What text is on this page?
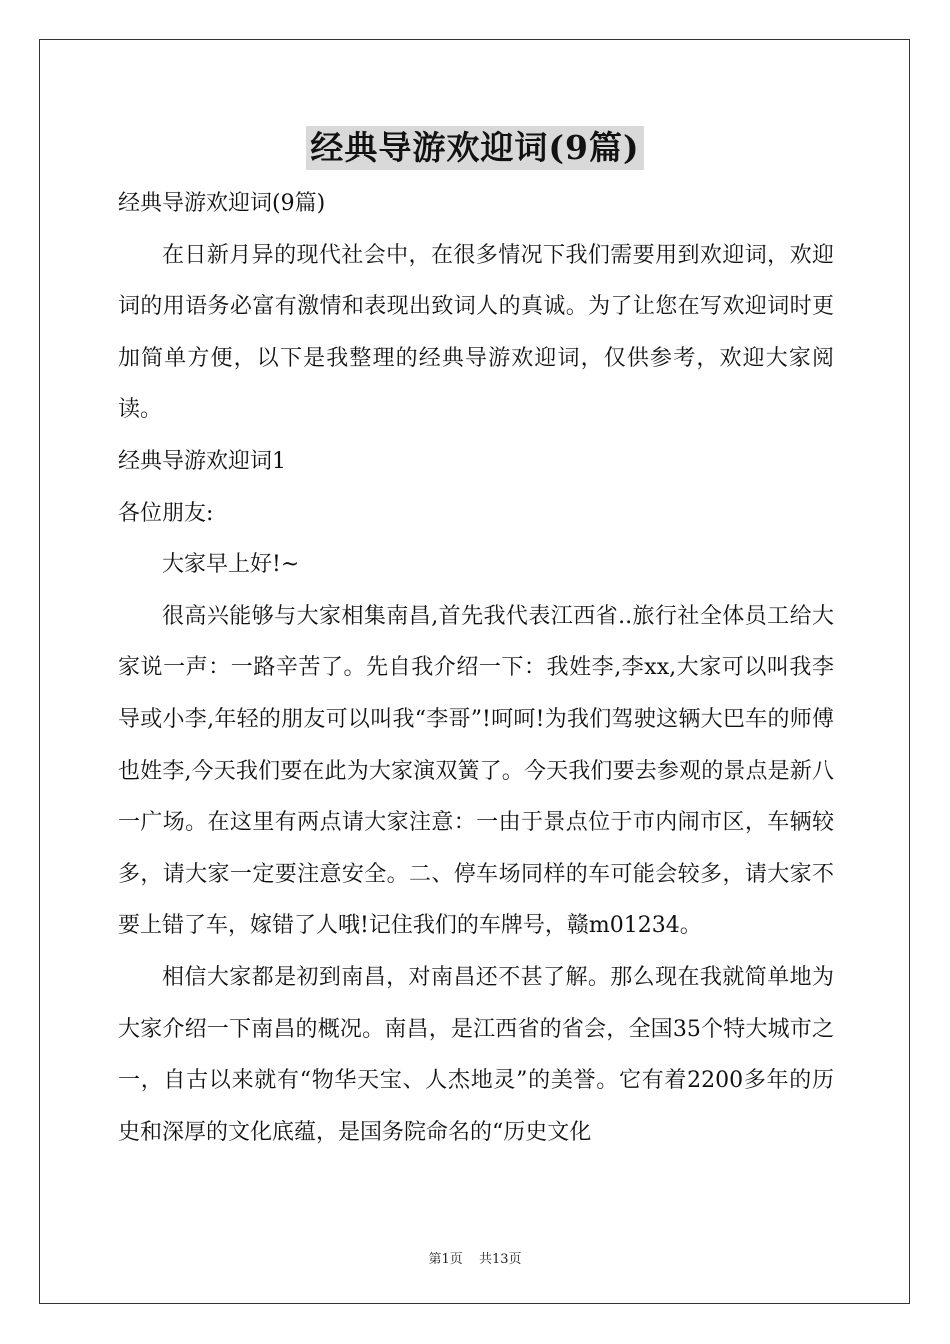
经典导游欢迎词(9篇)

经典导游欢迎词(9篇)

在日新月异的现代社会中，在很多情况下我们需要用到欢迎词，欢迎词的用语务必富有激情和表现出致词人的真诚。为了让您在写欢迎词时更加简单方便，以下是我整理的经典导游欢迎词，仅供参考，欢迎大家阅读。

经典导游欢迎词1

各位朋友:

大家早上好!~

很高兴能够与大家相集南昌,首先我代表江西省..旅行社全体员工给大家说一声：一路辛苦了。先自我介绍一下：我姓李,李xx,大家可以叫我李导或小李,年轻的朋友可以叫我“李哥”!呵呵!为我们驾驶这辆大巴车的师傅也姓李,今天我们要在此为大家演双簧了。今天我们要去参观的景点是新八一广场。在这里有两点请大家注意：一由于景点位于市内闹市区，车辆较多，请大家一定要注意安全。二、停车场同样的车可能会较多，请大家不要上错了车，嫁错了人哦!记住我们的车牌号，赣m01234。

相信大家都是初到南昌，对南昌还不甚了解。那么现在我就简单地为大家介绍一下南昌的概况。南昌，是江西省的省会，全国35个特大城市之一，自古以来就有“物华天宝、人杰地灵”的美誉。它有着2200多年的历史和深厚的文化底蕴，是国务院命名的“历史文化

第1页 共13页
